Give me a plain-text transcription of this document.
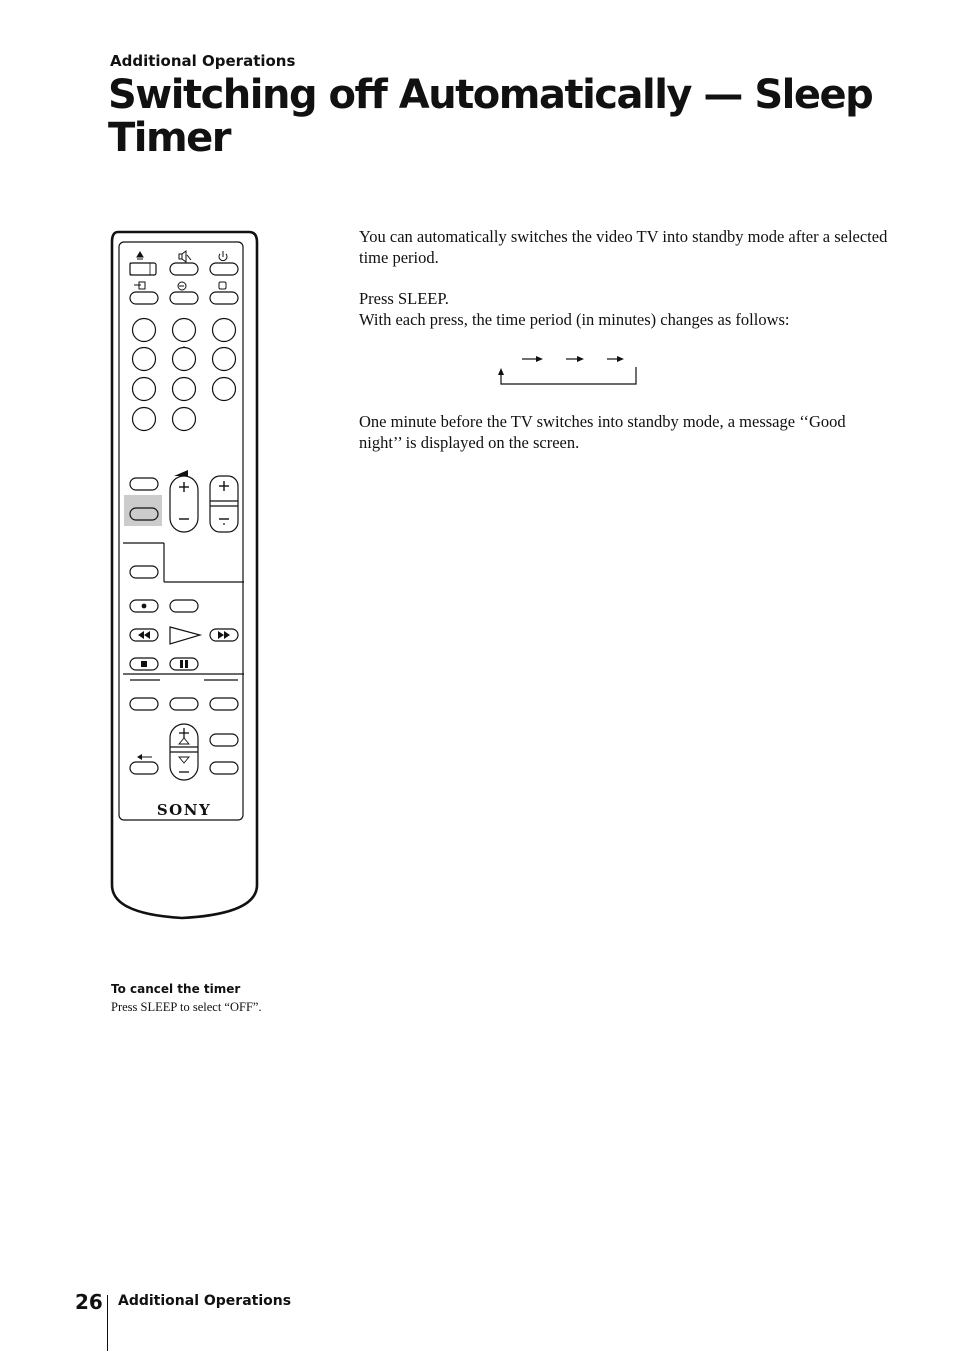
Additional Operations
Switching off Automatically — Sleep Timer

You can automatically switches the video TV into standby mode after a selected time period.

Press SLEEP.
With each press, the time period (in minutes) changes as follows:

One minute before the TV switches into standby mode, a message ‘‘Good night’’ is displayed on the screen.

SONY

To cancel the timer

Press SLEEP to select “OFF”.

26 Additional Operations
